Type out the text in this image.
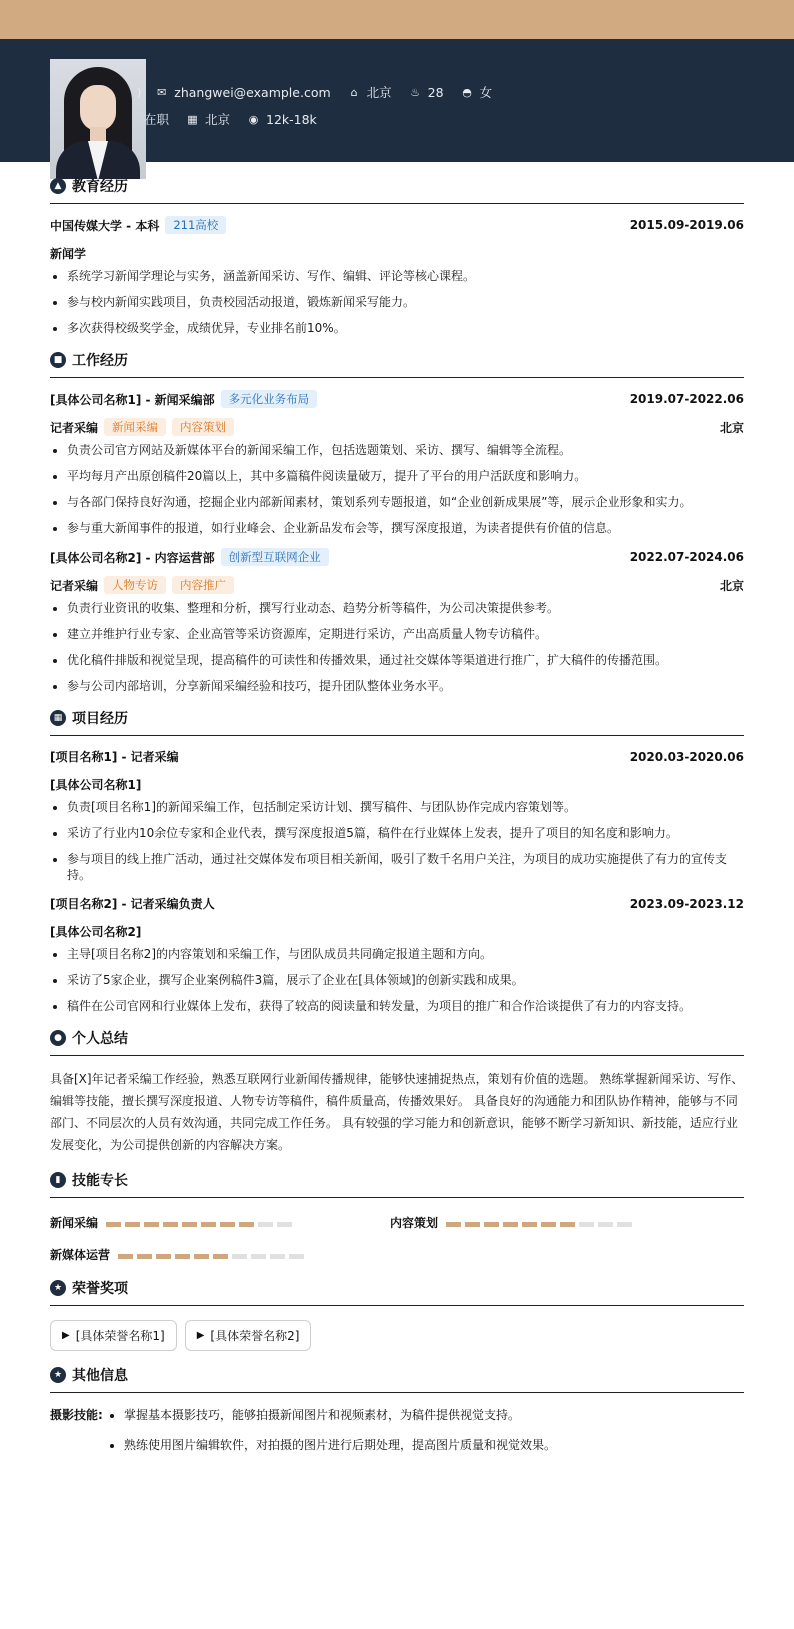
) ✉ zhangwei@example.com ⌂ 北京 ♨ 28 ◓ 女
在职 ▦ 北京 ◉ 12k-18k
▲ 教育经历
中国传媒大学 - 本科	211高校	2015.09-2019.06
新闻学
• 系统学习新闻学理论与实务，涵盖新闻采访、写作、编辑、评论等核心课程。
• 参与校内新闻实践项目，负责校园活动报道，锻炼新闻采写能力。
• 多次获得校级奖学金，成绩优异，专业排名前10%。
■ 工作经历
[具体公司名称1] - 新闻采编部	多元化业务布局	2019.07-2022.06
记者采编	新闻采编	内容策划	北京
• 负责公司官方网站及新媒体平台的新闻采编工作，包括选题策划、采访、撰写、编辑等全流程。
• 平均每月产出原创稿件20篇以上，其中多篇稿件阅读量破万，提升了平台的用户活跃度和影响力。
• 与各部门保持良好沟通，挖掘企业内部新闻素材，策划系列专题报道，如“企业创新成果展”等，展示企业形象和实力。
• 参与重大新闻事件的报道，如行业峰会、企业新品发布会等，撰写深度报道，为读者提供有价值的信息。
[具体公司名称2] - 内容运营部	创新型互联网企业	2022.07-2024.06
记者采编	人物专访	内容推广	北京
• 负责行业资讯的收集、整理和分析，撰写行业动态、趋势分析等稿件，为公司决策提供参考。
• 建立并维护行业专家、企业高管等采访资源库，定期进行采访，产出高质量人物专访稿件。
• 优化稿件排版和视觉呈现，提高稿件的可读性和传播效果，通过社交媒体等渠道进行推广，扩大稿件的传播范围。
• 参与公司内部培训，分享新闻采编经验和技巧，提升团队整体业务水平。
▦ 项目经历
[项目名称1] - 记者采编	2020.03-2020.06
[具体公司名称1]
• 负责[项目名称1]的新闻采编工作，包括制定采访计划、撰写稿件、与团队协作完成内容策划等。
• 采访了行业内10余位专家和企业代表，撰写深度报道5篇，稿件在行业媒体上发表，提升了项目的知名度和影响力。
• 参与项目的线上推广活动，通过社交媒体发布项目相关新闻，吸引了数千名用户关注，为项目的成功实施提供了有力的宣传支持。
[项目名称2] - 记者采编负责人	2023.09-2023.12
[具体公司名称2]
• 主导[项目名称2]的内容策划和采编工作，与团队成员共同确定报道主题和方向。
• 采访了5家企业，撰写企业案例稿件3篇，展示了企业在[具体领域]的创新实践和成果。
• 稿件在公司官网和行业媒体上发布，获得了较高的阅读量和转发量，为项目的推广和合作洽谈提供了有力的内容支持。
● 个人总结
具备[X]年记者采编工作经验，熟悉互联网行业新闻传播规律，能够快速捕捉热点，策划有价值的选题。 熟练掌握新闻采访、写作、编辑等技能，擅长撰写深度报道、人物专访等稿件，稿件质量高，传播效果好。 具备良好的沟通能力和团队协作精神，能够与不同部门、不同层次的人员有效沟通，共同完成工作任务。 具有较强的学习能力和创新意识，能够不断学习新知识、新技能，适应行业发展变化，为公司提供创新的内容解决方案。
▮ 技能专长
新闻采编	内容策划
新媒体运营
★ 荣誉奖项
▶ [具体荣誉名称1]	▶ [具体荣誉名称2]
★ 其他信息
摄影技能:
• 掌握基本摄影技巧，能够拍摄新闻图片和视频素材，为稿件提供视觉支持。
• 熟练使用图片编辑软件，对拍摄的图片进行后期处理，提高图片质量和视觉效果。
